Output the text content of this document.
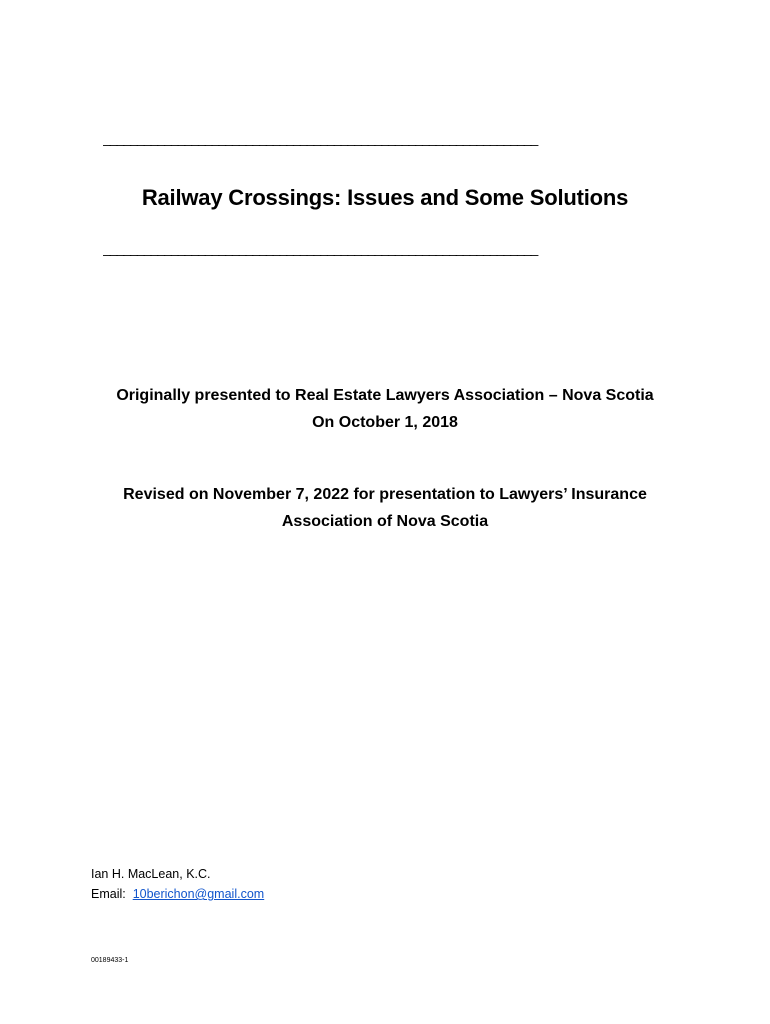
________________________________________________________________
Railway Crossings: Issues and Some Solutions
________________________________________________________________
Originally presented to Real Estate Lawyers Association – Nova Scotia
On October 1, 2018
Revised on November 7, 2022 for presentation to Lawyers’ Insurance
Association of Nova Scotia
Ian H. MacLean, K.C.
Email: 10berichon@gmail.com
00189433-1
